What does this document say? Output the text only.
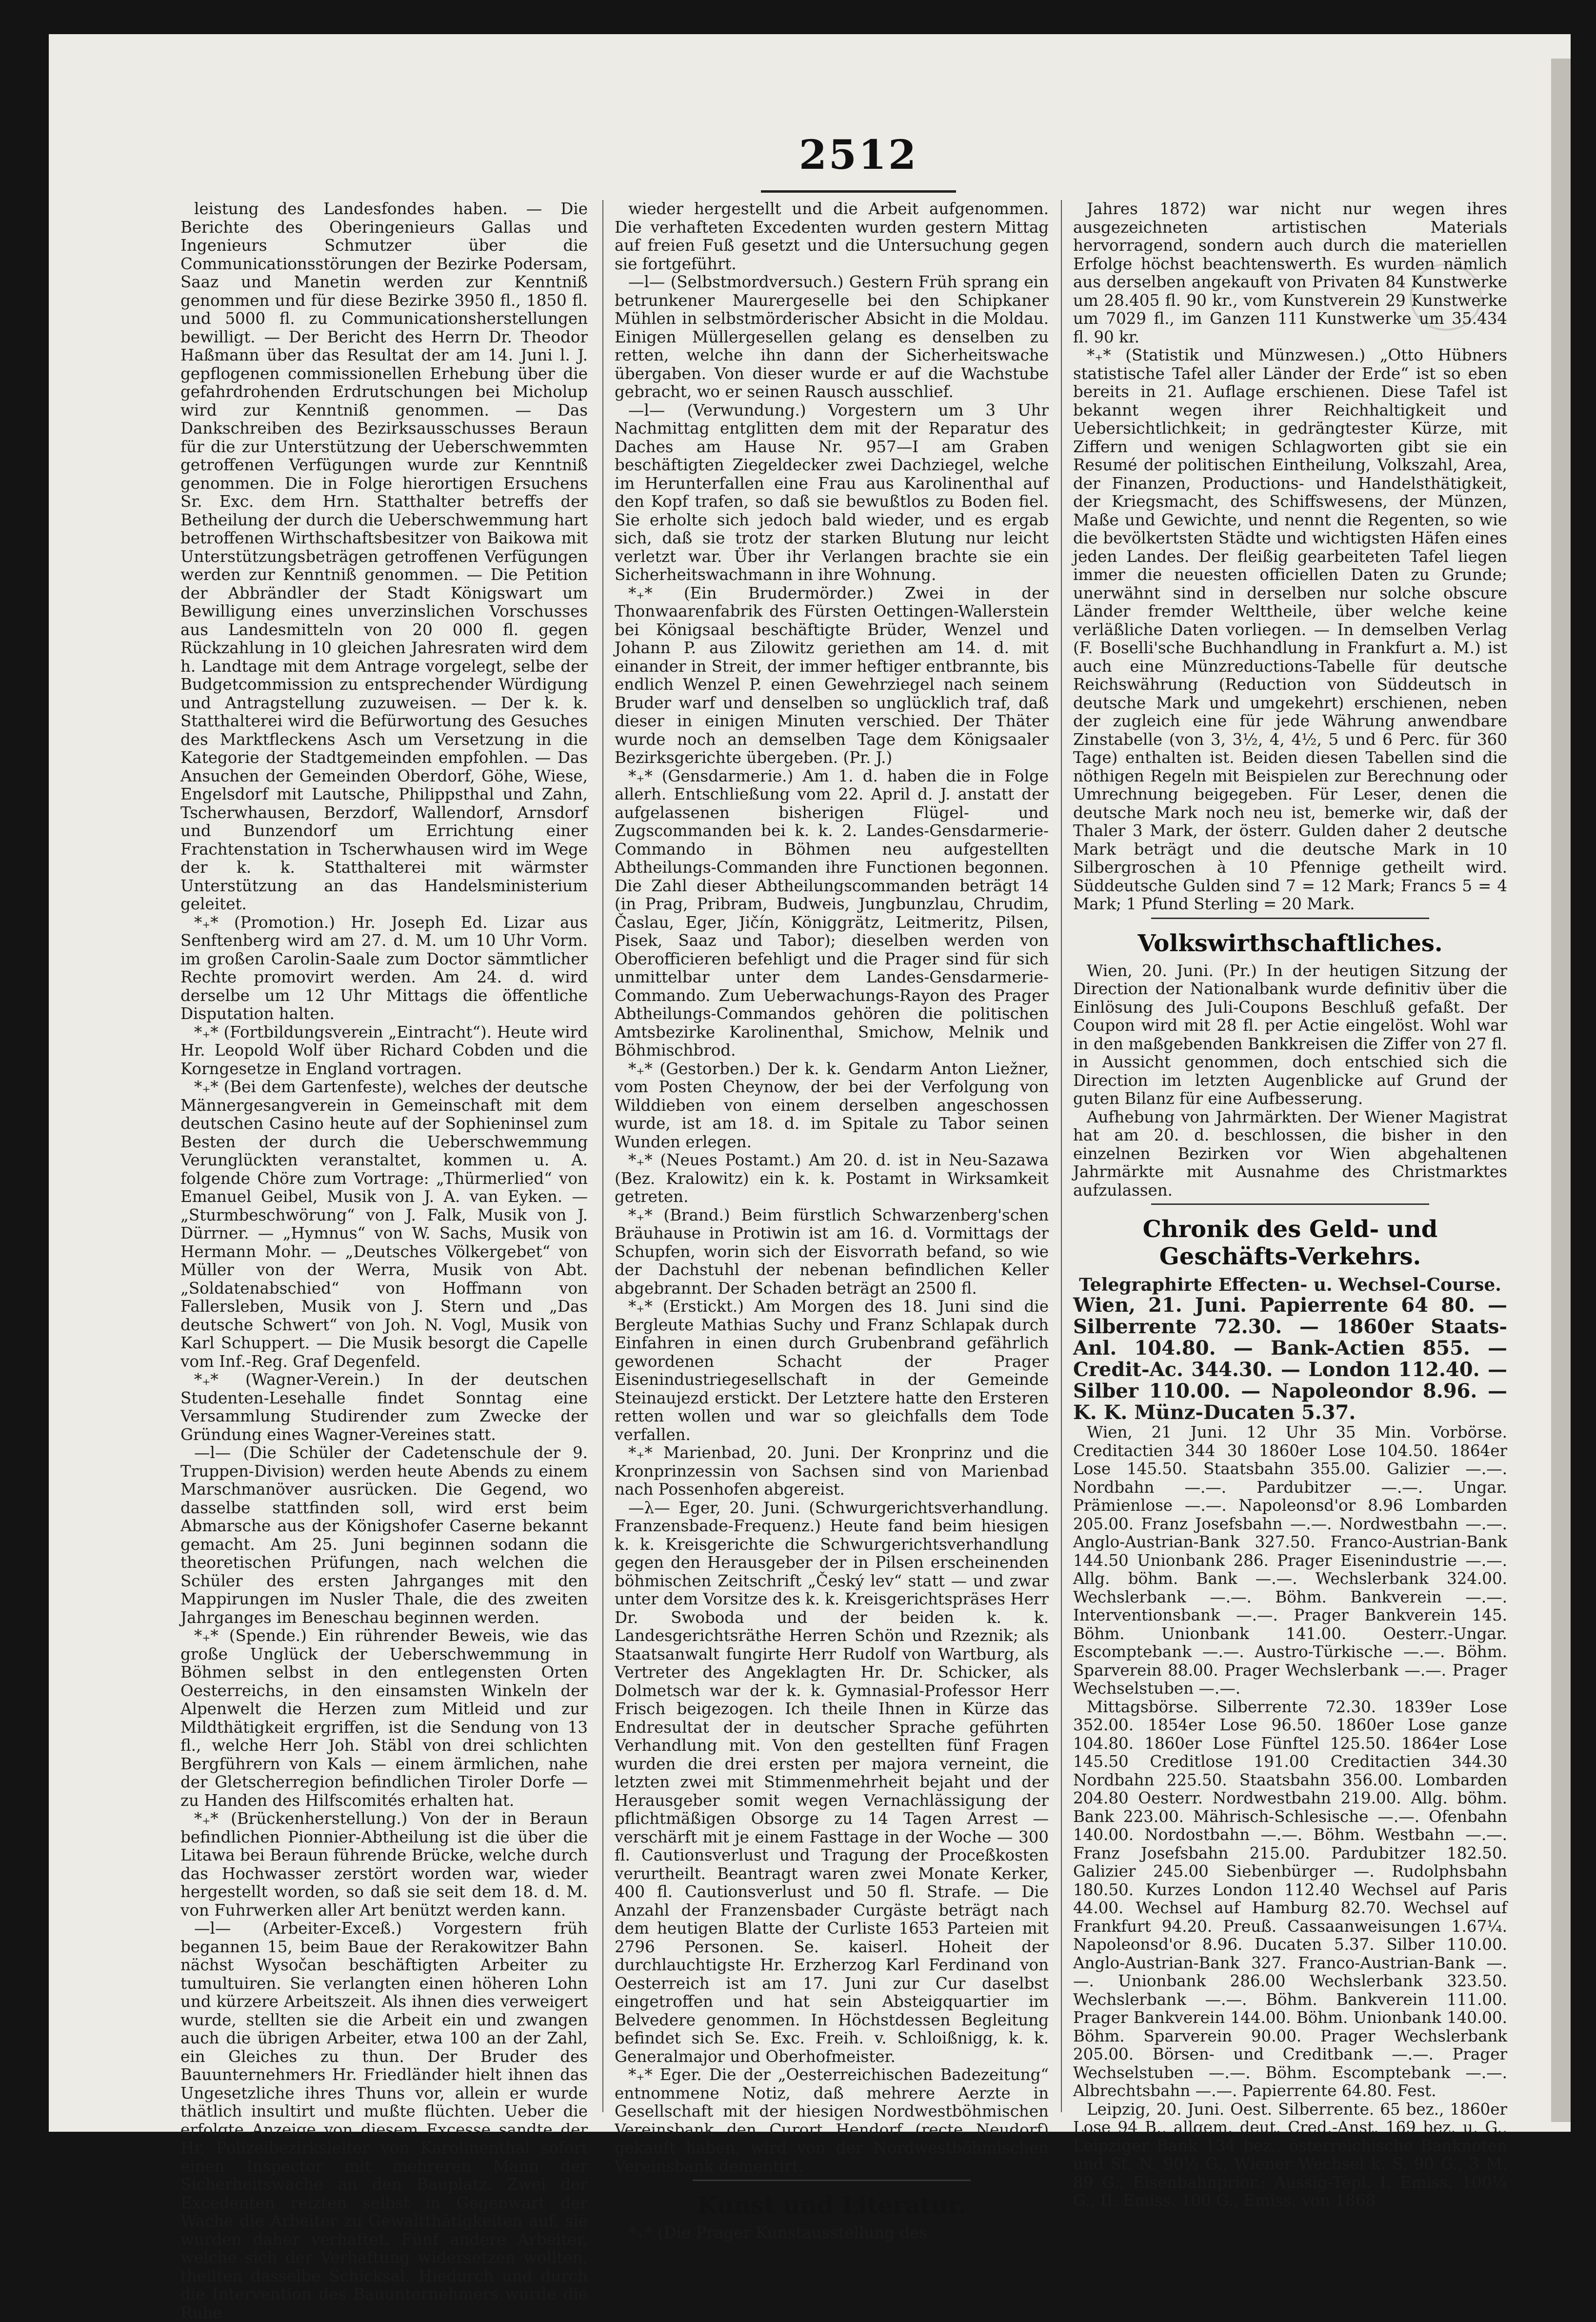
2512

leistung des Landesfondes haben. — Die Berichte des Oberingenieurs Gallas und Ingenieurs Schmutzer über die Communicationsstörungen der Bezirke Podersam, Saaz und Manetin werden zur Kenntniß genommen und für diese Bezirke 3950 fl., 1850 fl. und 5000 fl. zu Communicationsherstellungen bewilligt. — Der Bericht des Herrn Dr. Theodor Haßmann über das Resultat der am 14. Juni l. J. gepflogenen commissionellen Erhebung über die gefahrdrohenden Erdrutschungen bei Micholup wird zur Kenntniß genommen. — Das Dankschreiben des Bezirksausschusses Beraun für die zur Unterstützung der Ueberschwemmten getroffenen Verfügungen wurde zur Kenntniß genommen. Die in Folge hierortigen Ersuchens Sr. Exc. dem Hrn. Statthalter betreffs der Betheilung der durch die Ueberschwemmung hart betroffenen Wirthschaftsbesitzer von Baikowa mit Unterstützungsbeträgen getroffenen Verfügungen werden zur Kenntniß genommen. — Die Petition der Abbrändler der Stadt Königswart um Bewilligung eines unverzinslichen Vorschusses aus Landesmitteln von 20 000 fl. gegen Rückzahlung in 10 gleichen Jahresraten wird dem h. Landtage mit dem Antrage vorgelegt, selbe der Budgetcommission zu entsprechender Würdigung und Antragstellung zuzuweisen. — Der k. k. Statthalterei wird die Befürwortung des Gesuches des Marktfleckens Asch um Versetzung in die Kategorie der Stadtgemeinden empfohlen. — Das Ansuchen der Gemeinden Oberdorf, Göhe, Wiese, Engelsdorf mit Lautsche, Philippsthal und Zahn, Tscherwhausen, Berzdorf, Wallendorf, Arnsdorf und Bunzendorf um Errichtung einer Frachtenstation in Tscherwhausen wird im Wege der k. k. Statthalterei mit wärmster Unterstützung an das Handelsministerium geleitet.

*₊* (Promotion.) Hr. Joseph Ed. Lizar aus Senftenberg wird am 27. d. M. um 10 Uhr Vorm. im großen Carolin-Saale zum Doctor sämmtlicher Rechte promovirt werden. Am 24. d. wird derselbe um 12 Uhr Mittags die öffentliche Disputation halten.

*₊* (Fortbildungsverein „Eintracht“). Heute wird Hr. Leopold Wolf über Richard Cobden und die Korngesetze in England vortragen.

*₊* (Bei dem Gartenfeste), welches der deutsche Männergesangverein in Gemeinschaft mit dem deutschen Casino heute auf der Sophieninsel zum Besten der durch die Ueberschwemmung Verunglückten veranstaltet, kommen u. A. folgende Chöre zum Vortrage: „Thürmerlied“ von Emanuel Geibel, Musik von J. A. van Eyken. — „Sturmbeschwörung“ von J. Falk, Musik von J. Dürrner. — „Hymnus“ von W. Sachs, Musik von Hermann Mohr. — „Deutsches Völkergebet“ von Müller von der Werra, Musik von Abt. „Soldatenabschied“ von Hoffmann von Fallersleben, Musik von J. Stern und „Das deutsche Schwert“ von Joh. N. Vogl, Musik von Karl Schuppert. — Die Musik besorgt die Capelle vom Inf.-Reg. Graf Degenfeld.

*₊* (Wagner-Verein.) In der deutschen Studenten-Lesehalle findet Sonntag eine Versammlung Studirender zum Zwecke der Gründung eines Wagner-Vereines statt.

—l— (Die Schüler der Cadetenschule der 9. Truppen-Division) werden heute Abends zu einem Marschmanöver ausrücken. Die Gegend, wo dasselbe stattfinden soll, wird erst beim Abmarsche aus der Königshofer Caserne bekannt gemacht. Am 25. Juni beginnen sodann die theoretischen Prüfungen, nach welchen die Schüler des ersten Jahrganges mit den Mappirungen im Nusler Thale, die des zweiten Jahrganges im Beneschau beginnen werden.

*₊* (Spende.) Ein rührender Beweis, wie das große Unglück der Ueberschwemmung in Böhmen selbst in den entlegensten Orten Oesterreichs, in den einsamsten Winkeln der Alpenwelt die Herzen zum Mitleid und zur Mildthätigkeit ergriffen, ist die Sendung von 13 fl., welche Herr Joh. Stäbl von drei schlichten Bergführern von Kals — einem ärmlichen, nahe der Gletscherregion befindlichen Tiroler Dorfe — zu Handen des Hilfscomités erhalten hat.

*₊* (Brückenherstellung.) Von der in Beraun befindlichen Pionnier-Abtheilung ist die über die Litawa bei Beraun führende Brücke, welche durch das Hochwasser zerstört worden war, wieder hergestellt worden, so daß sie seit dem 18. d. M. von Fuhrwerken aller Art benützt werden kann.

—l— (Arbeiter-Exceß.) Vorgestern früh begannen 15, beim Baue der Rerakowitzer Bahn nächst Wysočan beschäftigten Arbeiter zu tumultuiren. Sie verlangten einen höheren Lohn und kürzere Arbeitszeit. Als ihnen dies verweigert wurde, stellten sie die Arbeit ein und zwangen auch die übrigen Arbeiter, etwa 100 an der Zahl, ein Gleiches zu thun. Der Bruder des Bauunternehmers Hr. Friedländer hielt ihnen das Ungesetzliche ihres Thuns vor, allein er wurde thätlich insultirt und mußte flüchten. Ueber die erfolgte Anzeige von diesem Excesse sandte der Hr. Polizeibezirksleiter von Karolinenthal sofort einen Inspector mit mehreren Mann der Sicherheitswache an den Bauplatz. Zwei der Excedenten reizten selbst in Gegenwart der Wache die Arbeiter zu Gewaltthätigkeiten auf, sie wurden daher verhaftet. Fünf andere Arbeiter, welche sich der Verhaftung widersetzen wollten, theilten dasselbe Schicksal. Hiedurch und durch die Intervention des Bauunternehmers wurde die Ruhe

wieder hergestellt und die Arbeit aufgenommen. Die verhafteten Excedenten wurden gestern Mittag auf freien Fuß gesetzt und die Untersuchung gegen sie fortgeführt.

—l— (Selbstmordversuch.) Gestern Früh sprang ein betrunkener Maurergeselle bei den Schipkaner Mühlen in selbstmörderischer Absicht in die Moldau. Einigen Müllergesellen gelang es denselben zu retten, welche ihn dann der Sicherheitswache übergaben. Von dieser wurde er auf die Wachstube gebracht, wo er seinen Rausch ausschlief.

—l— (Verwundung.) Vorgestern um 3 Uhr Nachmittag entglitten dem mit der Reparatur des Daches am Hause Nr. 957—I am Graben beschäftigten Ziegeldecker zwei Dachziegel, welche im Herunterfallen eine Frau aus Karolinenthal auf den Kopf trafen, so daß sie bewußtlos zu Boden fiel. Sie erholte sich jedoch bald wieder, und es ergab sich, daß sie trotz der starken Blutung nur leicht verletzt war. Über ihr Verlangen brachte sie ein Sicherheitswachmann in ihre Wohnung.

*₊* (Ein Brudermörder.) Zwei in der Thonwaarenfabrik des Fürsten Oettingen-Wallerstein bei Königsaal beschäftigte Brüder, Wenzel und Johann P. aus Zilowitz geriethen am 14. d. mit einander in Streit, der immer heftiger entbrannte, bis endlich Wenzel P. einen Gewehrziegel nach seinem Bruder warf und denselben so unglücklich traf, daß dieser in einigen Minuten verschied. Der Thäter wurde noch an demselben Tage dem Königsaaler Bezirksgerichte übergeben. (Pr. J.)

*₊* (Gensdarmerie.) Am 1. d. haben die in Folge allerh. Entschließung vom 22. April d. J. anstatt der aufgelassenen bisherigen Flügel- und Zugscommanden bei k. k. 2. Landes-Gensdarmerie-Commando in Böhmen neu aufgestellten Abtheilungs-Commanden ihre Functionen begonnen. Die Zahl dieser Abtheilungscommanden beträgt 14 (in Prag, Pribram, Budweis, Jungbunzlau, Chrudim, Časlau, Eger, Jičín, Königgrätz, Leitmeritz, Pilsen, Pisek, Saaz und Tabor); dieselben werden von Oberofficieren befehligt und die Prager sind für sich unmittelbar unter dem Landes-Gensdarmerie-Commando. Zum Ueberwachungs-Rayon des Prager Abtheilungs-Commandos gehören die politischen Amtsbezirke Karolinenthal, Smichow, Melnik und Böhmischbrod.

*₊* (Gestorben.) Der k. k. Gendarm Anton Liežner, vom Posten Cheynow, der bei der Verfolgung von Wilddieben von einem derselben angeschossen wurde, ist am 18. d. im Spitale zu Tabor seinen Wunden erlegen.

*₊* (Neues Postamt.) Am 20. d. ist in Neu-Sazawa (Bez. Kralowitz) ein k. k. Postamt in Wirksamkeit getreten.

*₊* (Brand.) Beim fürstlich Schwarzenberg'schen Bräuhause in Protiwin ist am 16. d. Vormittags der Schupfen, worin sich der Eisvorrath befand, so wie der Dachstuhl der nebenan befindlichen Keller abgebrannt. Der Schaden beträgt an 2500 fl.

*₊* (Erstickt.) Am Morgen des 18. Juni sind die Bergleute Mathias Suchy und Franz Schlapak durch Einfahren in einen durch Grubenbrand gefährlich gewordenen Schacht der Prager Eisenindustriegesellschaft in der Gemeinde Steinaujezd erstickt. Der Letztere hatte den Ersteren retten wollen und war so gleichfalls dem Tode verfallen.

*₊* Marienbad, 20. Juni. Der Kronprinz und die Kronprinzessin von Sachsen sind von Marienbad nach Possenhofen abgereist.

—λ— Eger, 20. Juni. (Schwurgerichtsverhandlung. Franzensbade-Frequenz.) Heute fand beim hiesigen k. k. Kreisgerichte die Schwurgerichtsverhandlung gegen den Herausgeber der in Pilsen erscheinenden böhmischen Zeitschrift „Český lev“ statt — und zwar unter dem Vorsitze des k. k. Kreisgerichtspräses Herr Dr. Swoboda und der beiden k. k. Landesgerichtsräthe Herren Schön und Rzeznik; als Staatsanwalt fungirte Herr Rudolf von Wartburg, als Vertreter des Angeklagten Hr. Dr. Schicker, als Dolmetsch war der k. k. Gymnasial-Professor Herr Frisch beigezogen. Ich theile Ihnen in Kürze das Endresultat der in deutscher Sprache geführten Verhandlung mit. Von den gestellten fünf Fragen wurden die drei ersten per majora verneint, die letzten zwei mit Stimmenmehrheit bejaht und der Herausgeber somit wegen Vernachlässigung der pflichtmäßigen Obsorge zu 14 Tagen Arrest — verschärft mit je einem Fasttage in der Woche — 300 fl. Cautionsverlust und Tragung der Proceßkosten verurtheilt. Beantragt waren zwei Monate Kerker, 400 fl. Cautionsverlust und 50 fl. Strafe. — Die Anzahl der Franzensbader Curgäste beträgt nach dem heutigen Blatte der Curliste 1653 Parteien mit 2796 Personen. Se. kaiserl. Hoheit der durchlauchtigste Hr. Erzherzog Karl Ferdinand von Oesterreich ist am 17. Juni zur Cur daselbst eingetroffen und hat sein Absteigquartier im Belvedere genommen. In Höchstdessen Begleitung befindet sich Se. Exc. Freih. v. Schloißnigg, k. k. Generalmajor und Oberhofmeister.

*₊* Eger. Die der „Oesterreichischen Badezeitung“ entnommene Notiz, daß mehrere Aerzte in Gesellschaft mit der hiesigen Nordwestböhmischen Vereinsbank den Curort Hendorf (recte Neudorf) gekauft haben, wird von der Nordwestböhmischen Vereinsbank dementirt.

Kunst und Literatur.

*₊* (Die Prager Kunstausstellung des

Jahres 1872) war nicht nur wegen ihres ausgezeichneten artistischen Materials hervorragend, sondern auch durch die materiellen Erfolge höchst beachtenswerth. Es wurden nämlich aus derselben angekauft von Privaten 84 Kunstwerke um 28.405 fl. 90 kr., vom Kunstverein 29 Kunstwerke um 7029 fl., im Ganzen 111 Kunstwerke um 35.434 fl. 90 kr.

*₊* (Statistik und Münzwesen.) „Otto Hübners statistische Tafel aller Länder der Erde“ ist so eben bereits in 21. Auflage erschienen. Diese Tafel ist bekannt wegen ihrer Reichhaltigkeit und Uebersichtlichkeit; in gedrängtester Kürze, mit Ziffern und wenigen Schlagworten gibt sie ein Resumé der politischen Eintheilung, Volkszahl, Area, der Finanzen, Productions- und Handelsthätigkeit, der Kriegsmacht, des Schiffswesens, der Münzen, Maße und Gewichte, und nennt die Regenten, so wie die bevölkertsten Städte und wichtigsten Häfen eines jeden Landes. Der fleißig gearbeiteten Tafel liegen immer die neuesten officiellen Daten zu Grunde; unerwähnt sind in derselben nur solche obscure Länder fremder Welttheile, über welche keine verläßliche Daten vorliegen. — In demselben Verlag (F. Boselli'sche Buchhandlung in Frankfurt a. M.) ist auch eine Münzreductions-Tabelle für deutsche Reichswährung (Reduction von Süddeutsch in deutsche Mark und umgekehrt) erschienen, neben der zugleich eine für jede Währung anwendbare Zinstabelle (von 3, 3½, 4, 4½, 5 und 6 Perc. für 360 Tage) enthalten ist. Beiden diesen Tabellen sind die nöthigen Regeln mit Beispielen zur Berechnung oder Umrechnung beigegeben. Für Leser, denen die deutsche Mark noch neu ist, bemerke wir, daß der Thaler 3 Mark, der österr. Gulden daher 2 deutsche Mark beträgt und die deutsche Mark in 10 Silbergroschen à 10 Pfennige getheilt wird. Süddeutsche Gulden sind 7 = 12 Mark; Francs 5 = 4 Mark; 1 Pfund Sterling = 20 Mark.

Volkswirthschaftliches.

Wien, 20. Juni. (Pr.) In der heutigen Sitzung der Direction der Nationalbank wurde definitiv über die Einlösung des Juli-Coupons Beschluß gefaßt. Der Coupon wird mit 28 fl. per Actie eingelöst. Wohl war in den maßgebenden Bankkreisen die Ziffer von 27 fl. in Aussicht genommen, doch entschied sich die Direction im letzten Augenblicke auf Grund der guten Bilanz für eine Aufbesserung.

Aufhebung von Jahrmärkten. Der Wiener Magistrat hat am 20. d. beschlossen, die bisher in den einzelnen Bezirken vor Wien abgehaltenen Jahrmärkte mit Ausnahme des Christmarktes aufzulassen.

Chronik des Geld- und Geschäfts-Verkehrs.

Telegraphirte Effecten- u. Wechsel-Course.

Wien, 21. Juni. Papierrente 64 80. — Silberrente 72.30. — 1860er Staats-Anl. 104.80. — Bank-Actien 855. — Credit-Ac. 344.30. — London 112.40. — Silber 110.00. — Napoleondor 8.96. — K. K. Münz-Ducaten 5.37.

Wien, 21 Juni. 12 Uhr 35 Min. Vorbörse. Creditactien 344 30 1860er Lose 104.50. 1864er Lose 145.50. Staatsbahn 355.00. Galizier —.—. Nordbahn —.—. Pardubitzer —.—. Ungar. Prämienlose —.—. Napoleonsd'or 8.96 Lombarden 205.00. Franz Josefsbahn —.—. Nordwestbahn —.—. Anglo-Austrian-Bank 327.50. Franco-Austrian-Bank 144.50 Unionbank 286. Prager Eisenindustrie —.—. Allg. böhm. Bank —.—. Wechslerbank 324.00. Wechslerbank —.—. Böhm. Bankverein —.—. Interventionsbank —.—. Prager Bankverein 145. Böhm. Unionbank 141.00. Oesterr.-Ungar. Escomptebank —.—. Austro-Türkische —.—. Böhm. Sparverein 88.00. Prager Wechslerbank —.—. Prager Wechselstuben —.—.

Mittagsbörse. Silberrente 72.30. 1839er Lose 352.00. 1854er Lose 96.50. 1860er Lose ganze 104.80. 1860er Lose Fünftel 125.50. 1864er Lose 145.50 Creditlose 191.00 Creditactien 344.30 Nordbahn 225.50. Staatsbahn 356.00. Lombarden 204.80 Oesterr. Nordwestbahn 219.00. Allg. böhm. Bank 223.00. Mährisch-Schlesische —.—. Ofenbahn 140.00. Nordostbahn —.—. Böhm. Westbahn —.—. Franz Josefsbahn 215.00. Pardubitzer 182.50. Galizier 245.00 Siebenbürger —. Rudolphsbahn 180.50. Kurzes London 112.40 Wechsel auf Paris 44.00. Wechsel auf Hamburg 82.70. Wechsel auf Frankfurt 94.20. Preuß. Cassaanweisungen 1.67¼. Napoleonsd'or 8.96. Ducaten 5.37. Silber 110.00. Anglo-Austrian-Bank 327. Franco-Austrian-Bank —.—. Unionbank 286.00 Wechslerbank 323.50. Wechslerbank —.—. Böhm. Bankverein 111.00. Prager Bankverein 144.00. Böhm. Unionbank 140.00. Böhm. Sparverein 90.00. Prager Wechslerbank 205.00. Börsen- und Creditbank —.—. Prager Wechselstuben —.—. Böhm. Escomptebank —.—. Albrechtsbahn —.—. Papierrente 64.80. Fest.

Leipzig, 20. Juni. Oest. Silberrente. 65 bez., 1860er Lose 94 B., allgem. deut. Cred.-Anst. 169 bez. u. G., Leipziger Bank 134 bez., österreichische Banknoten und St. N. 90½ G., Wiener Wechsel k. S. 90 G., 3 M. 89 G., Eisenbahnprior.: Aussig-Tepl. I. Emiss. 100¼ G., II. Emiss. 100 G., Emiss. von 1868
